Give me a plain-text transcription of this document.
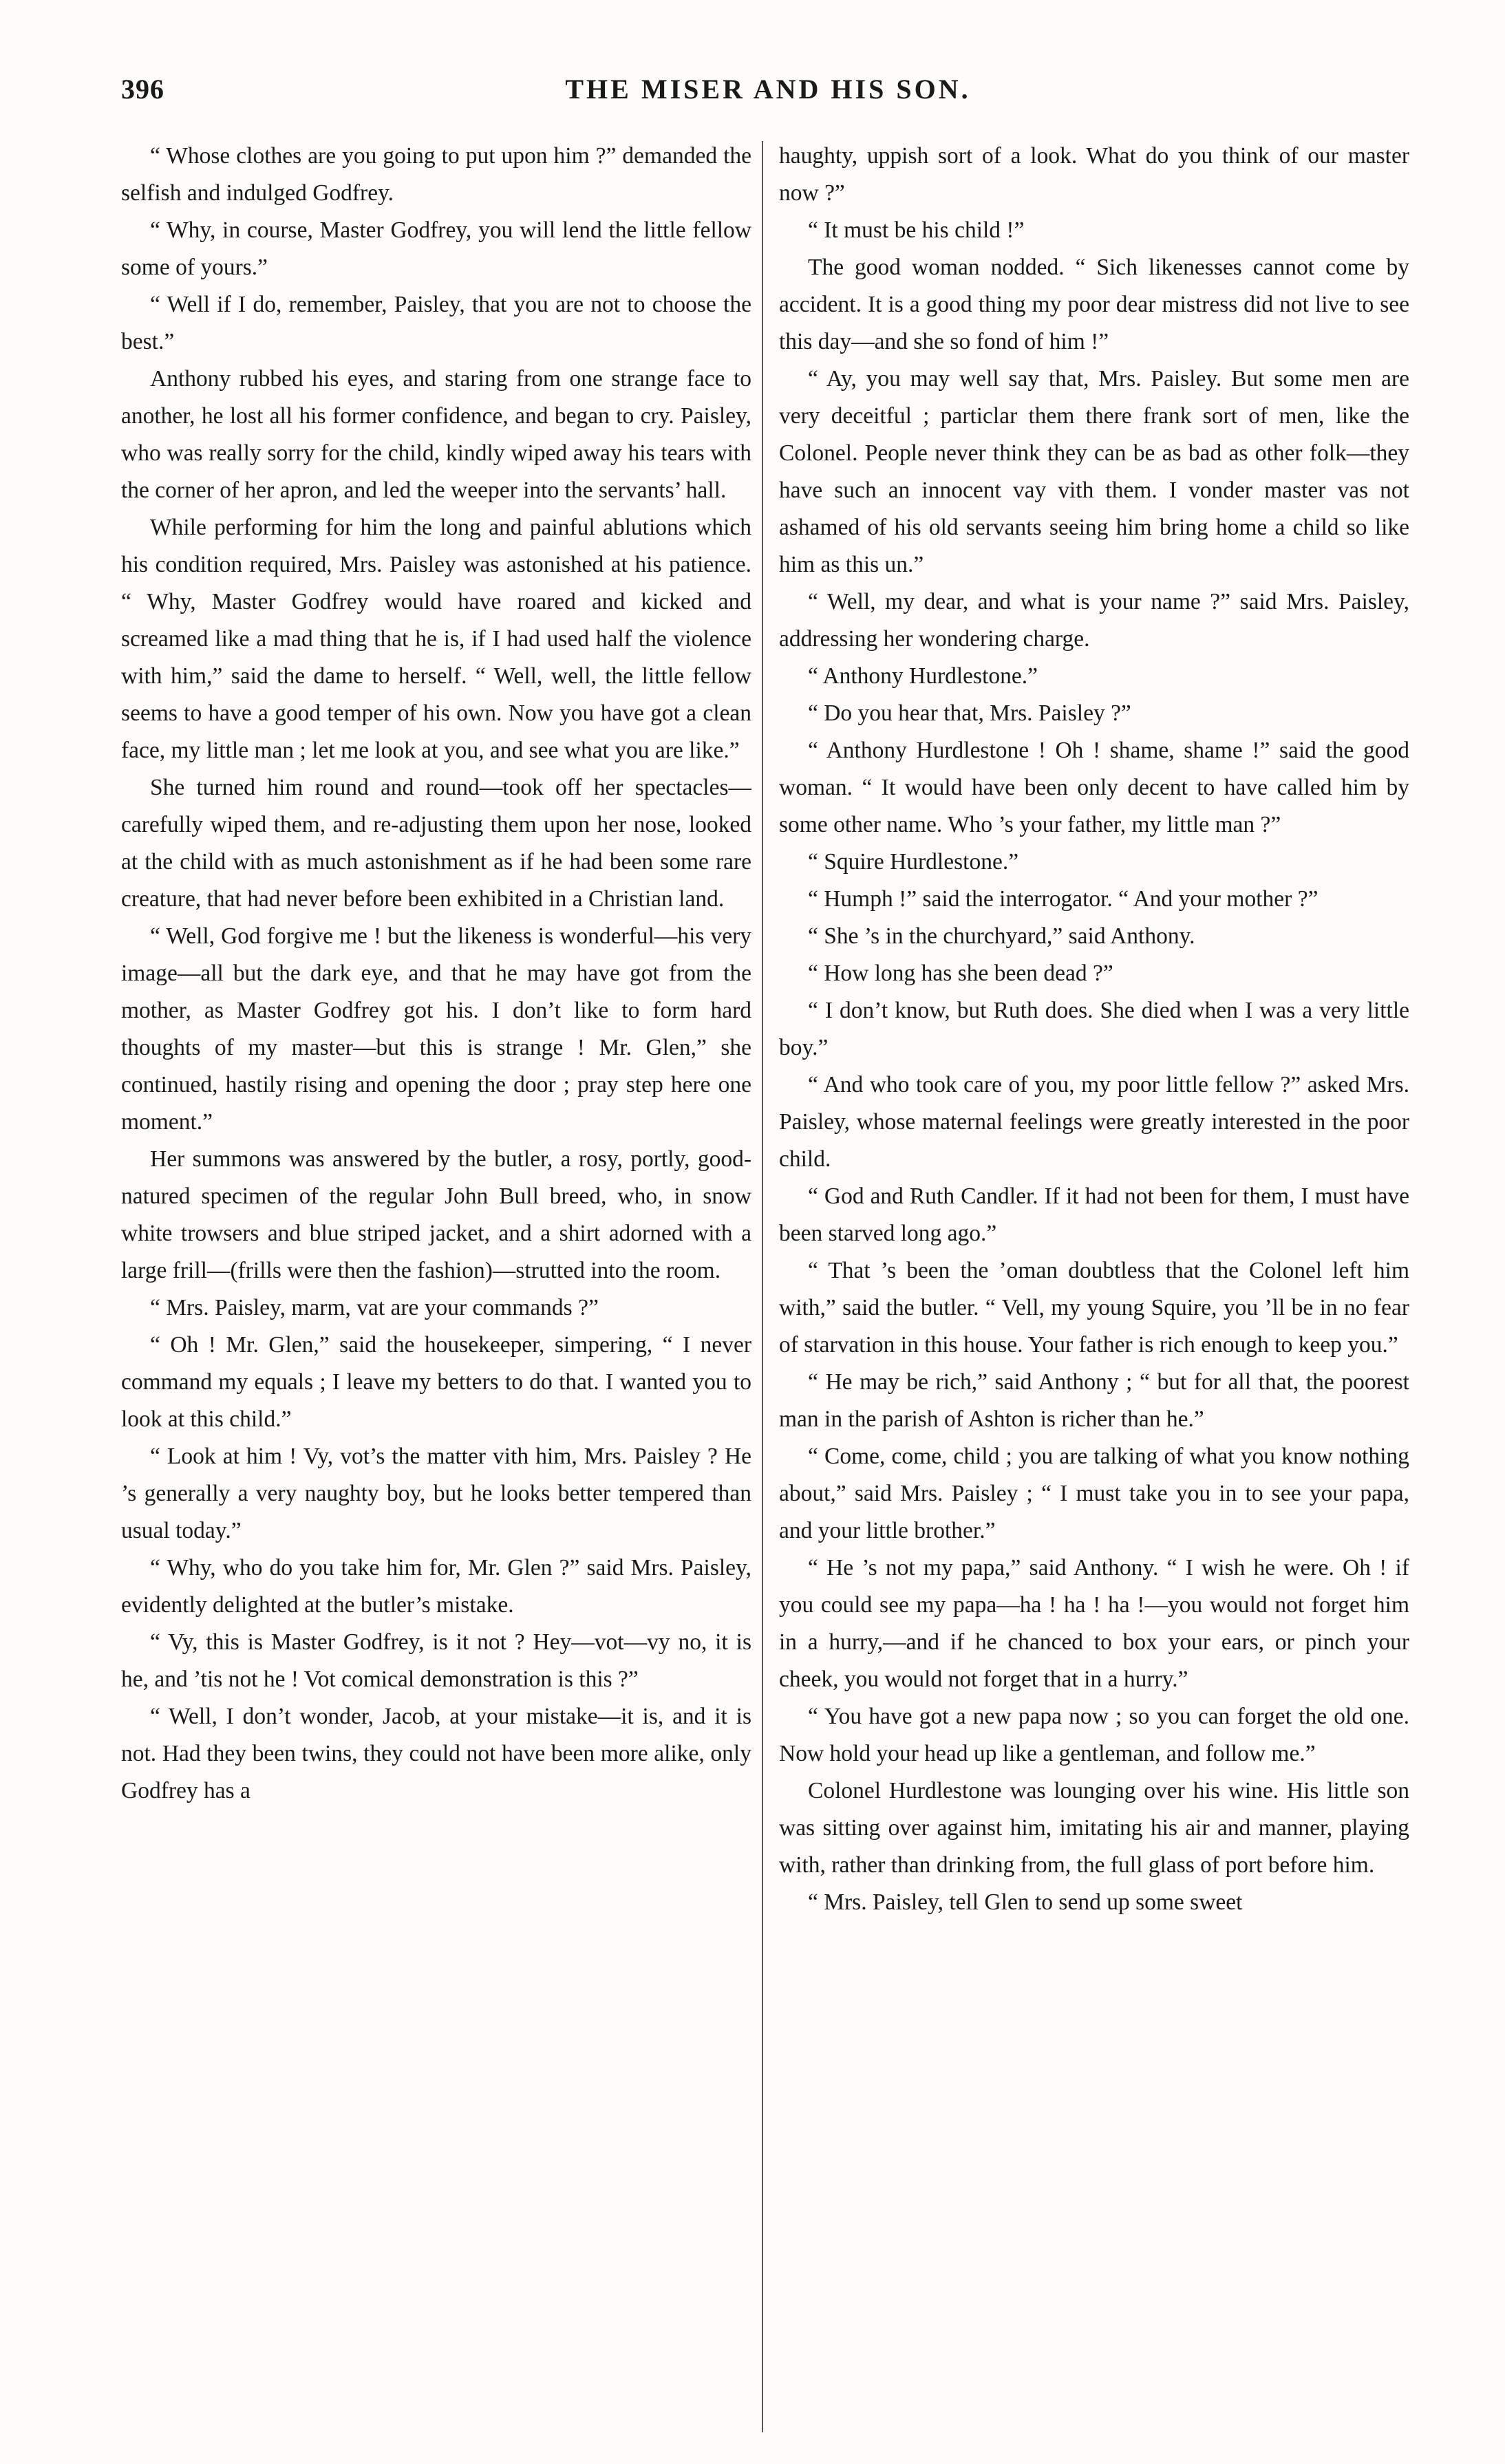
396	THE MISER AND HIS SON.

“ Whose clothes are you going to put upon him ?” demanded the selfish and indulged Godfrey.

“ Why, in course, Master Godfrey, you will lend the little fellow some of yours.”

“ Well if I do, remember, Paisley, that you are not to choose the best.”

Anthony rubbed his eyes, and staring from one strange face to another, he lost all his former confidence, and began to cry. Paisley, who was really sorry for the child, kindly wiped away his tears with the corner of her apron, and led the weeper into the servants’ hall.

While performing for him the long and painful ablutions which his condition required, Mrs. Paisley was astonished at his patience. “ Why, Master Godfrey would have roared and kicked and screamed like a mad thing that he is, if I had used half the violence with him,” said the dame to herself. “ Well, well, the little fellow seems to have a good temper of his own. Now you have got a clean face, my little man ; let me look at you, and see what you are like.”

She turned him round and round—took off her spectacles—carefully wiped them, and re-adjusting them upon her nose, looked at the child with as much astonishment as if he had been some rare creature, that had never before been exhibited in a Christian land.

“ Well, God forgive me ! but the likeness is wonderful—his very image—all but the dark eye, and that he may have got from the mother, as Master Godfrey got his. I don’t like to form hard thoughts of my master—but this is strange ! Mr. Glen,” she continued, hastily rising and opening the door ; pray step here one moment.”

Her summons was answered by the butler, a rosy, portly, good-natured specimen of the regular John Bull breed, who, in snow white trowsers and blue striped jacket, and a shirt adorned with a large frill—(frills were then the fashion)—strutted into the room.

“ Mrs. Paisley, marm, vat are your commands ?”

“ Oh ! Mr. Glen,” said the housekeeper, simpering, “ I never command my equals ; I leave my betters to do that. I wanted you to look at this child.”

“ Look at him ! Vy, vot’s the matter vith him, Mrs. Paisley ? He ’s generally a very naughty boy, but he looks better tempered than usual today.”

“ Why, who do you take him for, Mr. Glen ?” said Mrs. Paisley, evidently delighted at the butler’s mistake.

“ Vy, this is Master Godfrey, is it not ? Hey—vot—vy no, it is he, and ’tis not he ! Vot comical demonstration is this ?”

“ Well, I don’t wonder, Jacob, at your mistake—it is, and it is not. Had they been twins, they could not have been more alike, only Godfrey has a

haughty, uppish sort of a look. What do you think of our master now ?”

“ It must be his child !”

The good woman nodded. “ Sich likenesses cannot come by accident. It is a good thing my poor dear mistress did not live to see this day—and she so fond of him !”

“ Ay, you may well say that, Mrs. Paisley. But some men are very deceitful ; particlar them there frank sort of men, like the Colonel. People never think they can be as bad as other folk—they have such an innocent vay vith them. I vonder master vas not ashamed of his old servants seeing him bring home a child so like him as this un.”

“ Well, my dear, and what is your name ?” said Mrs. Paisley, addressing her wondering charge.

“ Anthony Hurdlestone.”

“ Do you hear that, Mrs. Paisley ?”

“ Anthony Hurdlestone ! Oh ! shame, shame !” said the good woman. “ It would have been only decent to have called him by some other name. Who ’s your father, my little man ?”

“ Squire Hurdlestone.”

“ Humph !” said the interrogator. “ And your mother ?”

“ She ’s in the churchyard,” said Anthony.

“ How long has she been dead ?”

“ I don’t know, but Ruth does. She died when I was a very little boy.”

“ And who took care of you, my poor little fellow ?” asked Mrs. Paisley, whose maternal feelings were greatly interested in the poor child.

“ God and Ruth Candler. If it had not been for them, I must have been starved long ago.”

“ That ’s been the ’oman doubtless that the Colonel left him with,” said the butler. “ Vell, my young Squire, you ’ll be in no fear of starvation in this house. Your father is rich enough to keep you.”

“ He may be rich,” said Anthony ; “ but for all that, the poorest man in the parish of Ashton is richer than he.”

“ Come, come, child ; you are talking of what you know nothing about,” said Mrs. Paisley ; “ I must take you in to see your papa, and your little brother.”

“ He ’s not my papa,” said Anthony. “ I wish he were. Oh ! if you could see my papa—ha ! ha ! ha !—you would not forget him in a hurry,—and if he chanced to box your ears, or pinch your cheek, you would not forget that in a hurry.”

“ You have got a new papa now ; so you can forget the old one. Now hold your head up like a gentleman, and follow me.”

Colonel Hurdlestone was lounging over his wine. His little son was sitting over against him, imitating his air and manner, playing with, rather than drinking from, the full glass of port before him.

“ Mrs. Paisley, tell Glen to send up some sweet
